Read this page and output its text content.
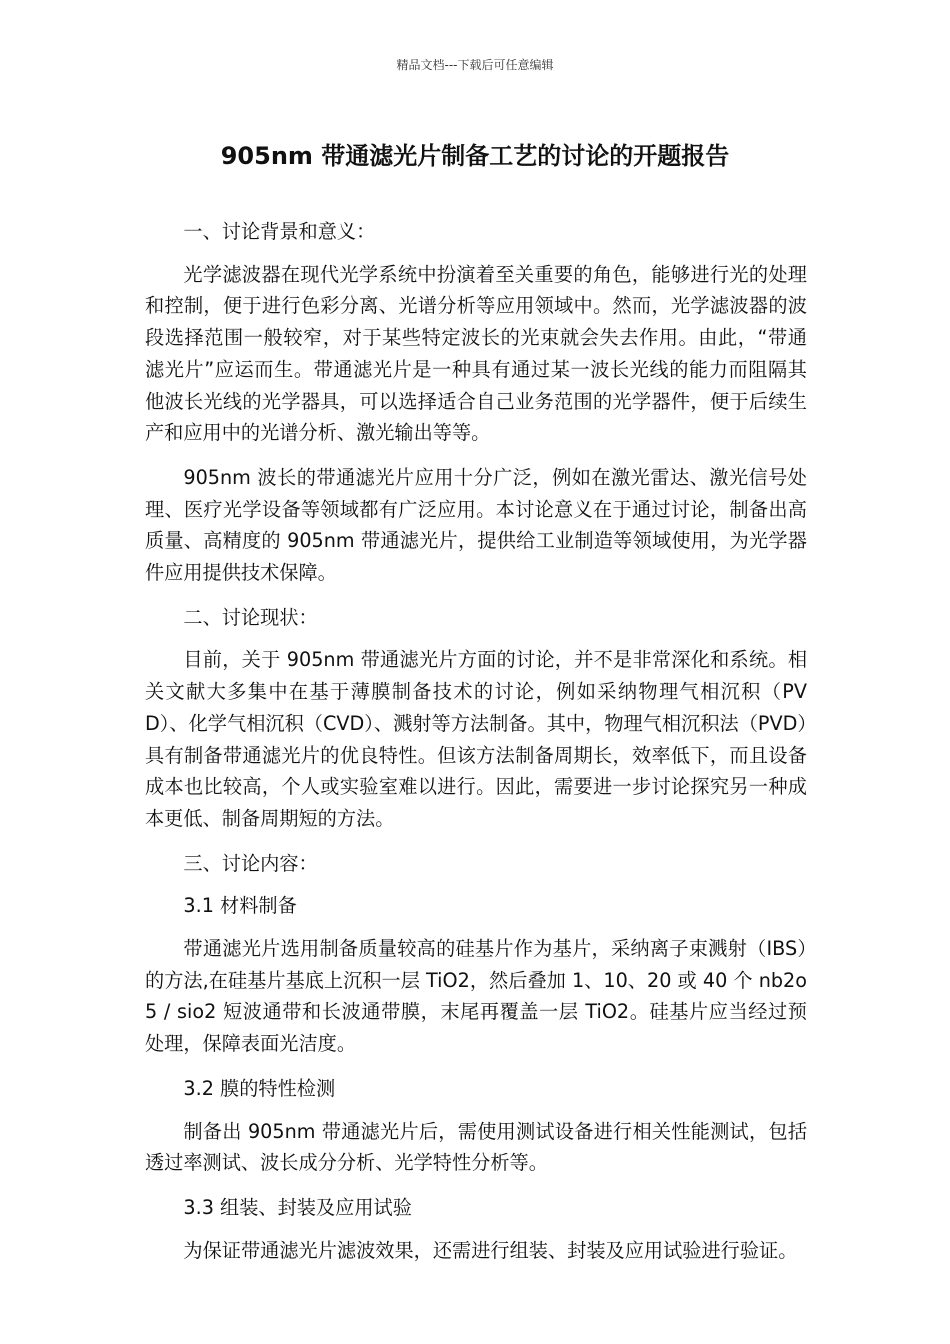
精品文档---下载后可任意编辑
905nm 带通滤光片制备工艺的讨论的开题报告

一、讨论背景和意义：

光学滤波器在现代光学系统中扮演着至关重要的角色，能够进行光的处理和控制，便于进行色彩分离、光谱分析等应用领域中。然而，光学滤波器的波段选择范围一般较窄，对于某些特定波长的光束就会失去作用。由此，“带通滤光片”应运而生。带通滤光片是一种具有通过某一波长光线的能力而阻隔其他波长光线的光学器具，可以选择适合自己业务范围的光学器件，便于后续生产和应用中的光谱分析、激光输出等等。

905nm 波长的带通滤光片应用十分广泛，例如在激光雷达、激光信号处理、医疗光学设备等领域都有广泛应用。本讨论意义在于通过讨论，制备出高质量、高精度的 905nm 带通滤光片，提供给工业制造等领域使用，为光学器件应用提供技术保障。

二、讨论现状：

目前，关于 905nm 带通滤光片方面的讨论，并不是非常深化和系统。相关文献大多集中在基于薄膜制备技术的讨论，例如采纳物理气相沉积（PVD）、化学气相沉积（CVD）、溅射等方法制备。其中，物理气相沉积法（PVD）具有制备带通滤光片的优良特性。但该方法制备周期长，效率低下，而且设备成本也比较高，个人或实验室难以进行。因此，需要进一步讨论探究另一种成本更低、制备周期短的方法。

三、讨论内容：

3.1 材料制备

带通滤光片选用制备质量较高的硅基片作为基片，采纳离子束溅射（IBS）的方法,在硅基片基底上沉积一层 TiO2，然后叠加 1、10、20 或 40 个 nb2o5 / sio2 短波通带和长波通带膜，末尾再覆盖一层 TiO2。硅基片应当经过预处理，保障表面光洁度。

3.2 膜的特性检测

制备出 905nm 带通滤光片后，需使用测试设备进行相关性能测试，包括透过率测试、波长成分分析、光学特性分析等。

3.3 组装、封装及应用试验

为保证带通滤光片滤波效果，还需进行组装、封装及应用试验进行验证。
